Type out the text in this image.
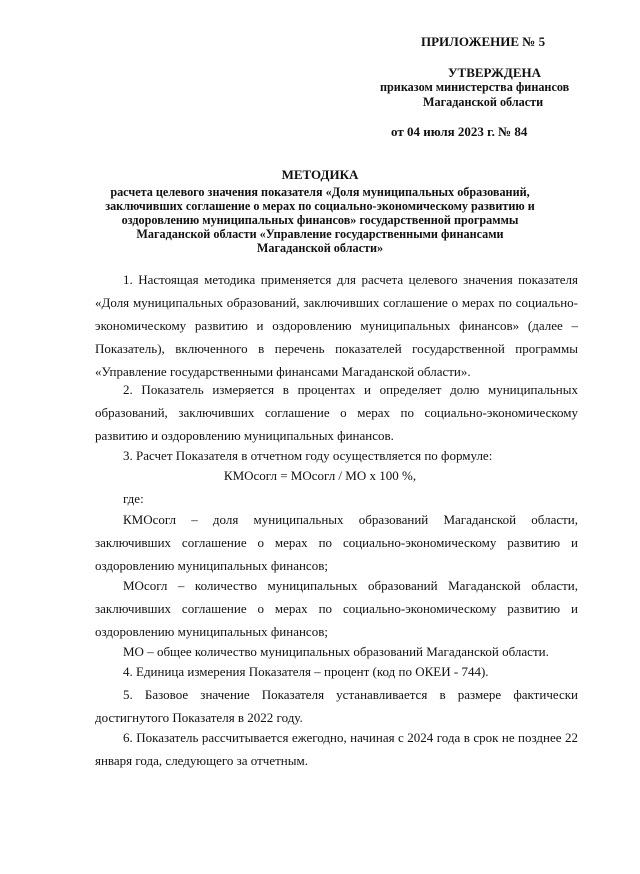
ПРИЛОЖЕНИЕ № 5
УТВЕРЖДЕНА
приказом министерства финансов
Магаданской области
от 04 июля 2023 г. № 84
МЕТОДИКА
расчета целевого значения показателя «Доля муниципальных образований,
заключивших соглашение о мерах по социально-экономическому развитию и
оздоровлению муниципальных финансов» государственной программы
Магаданской области «Управление государственными финансами
Магаданской области»
1. Настоящая методика применяется для расчета целевого значения показателя «Доля муниципальных образований, заключивших соглашение о мерах по социально-экономическому развитию и оздоровлению муниципальных финансов» (далее – Показатель), включенного в перечень показателей государственной программы «Управление государственными финансами Магаданской области».
2. Показатель измеряется в процентах и определяет долю муниципальных образований, заключивших соглашение о мерах по социально-экономическому развитию и оздоровлению муниципальных финансов.
3. Расчет Показателя в отчетном году осуществляется по формуле:
КМОсогл = МОсогл / МО х 100 %,
где:
КМОсогл – доля муниципальных образований Магаданской области, заключивших соглашение о мерах по социально-экономическому развитию и оздоровлению муниципальных финансов;
МОсогл – количество муниципальных образований Магаданской области, заключивших соглашение о мерах по социально-экономическому развитию и оздоровлению муниципальных финансов;
МО – общее количество муниципальных образований Магаданской области.
4. Единица измерения Показателя – процент (код по ОКЕИ - 744).
5. Базовое значение Показателя устанавливается в размере фактически достигнутого Показателя в 2022 году.
6. Показатель рассчитывается ежегодно, начиная с 2024 года в срок не позднее 22 января года, следующего за отчетным.
